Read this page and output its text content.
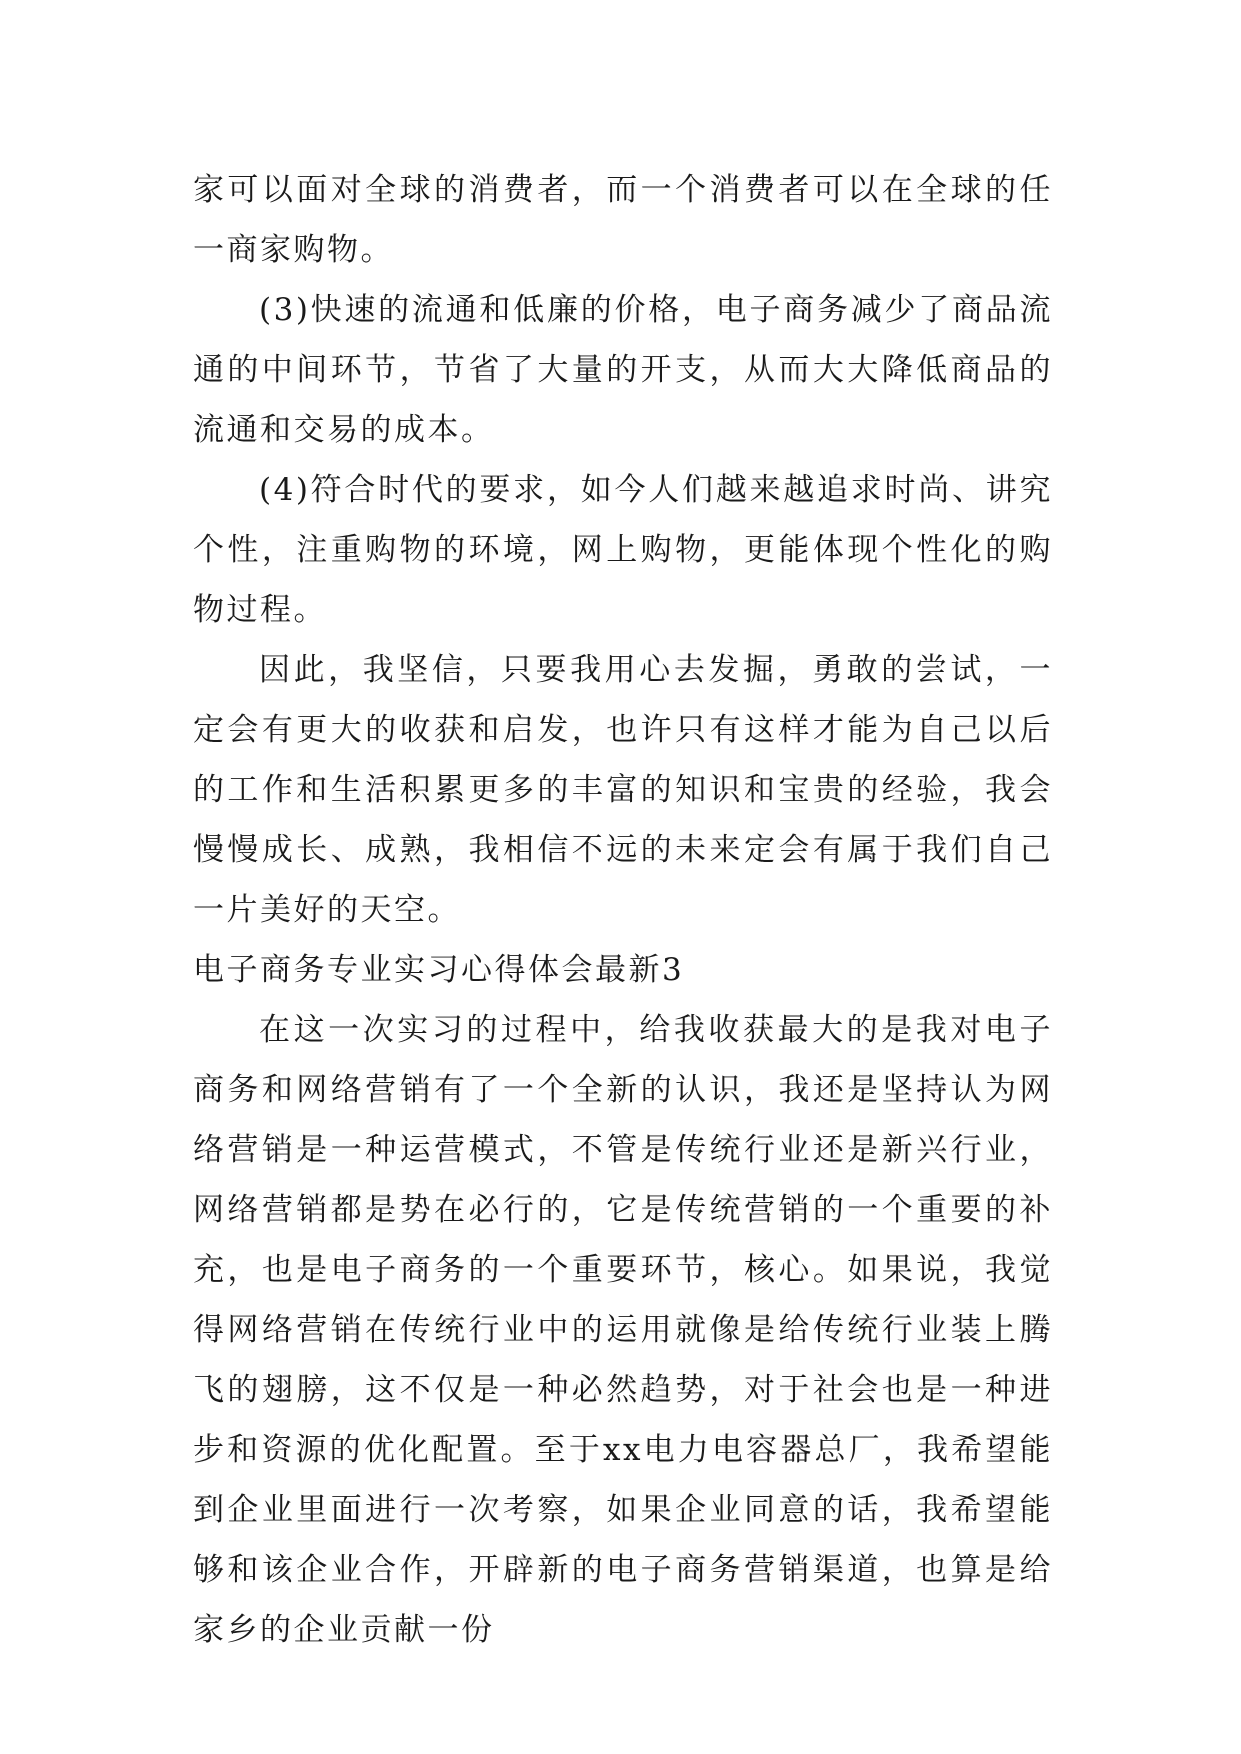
家可以面对全球的消费者，而一个消费者可以在全球的任一商家购物。

(3)快速的流通和低廉的价格，电子商务减少了商品流通的中间环节，节省了大量的开支，从而大大降低商品的流通和交易的成本。

(4)符合时代的要求，如今人们越来越追求时尚、讲究个性，注重购物的环境，网上购物，更能体现个性化的购物过程。

因此，我坚信，只要我用心去发掘，勇敢的尝试，一定会有更大的收获和启发，也许只有这样才能为自己以后的工作和生活积累更多的丰富的知识和宝贵的经验，我会慢慢成长、成熟，我相信不远的未来定会有属于我们自己一片美好的天空。

电子商务专业实习心得体会最新3

在这一次实习的过程中，给我收获最大的是我对电子商务和网络营销有了一个全新的认识，我还是坚持认为网络营销是一种运营模式，不管是传统行业还是新兴行业，网络营销都是势在必行的，它是传统营销的一个重要的补充，也是电子商务的一个重要环节，核心。如果说，我觉得网络营销在传统行业中的运用就像是给传统行业装上腾飞的翅膀，这不仅是一种必然趋势，对于社会也是一种进步和资源的优化配置。至于xx电力电容器总厂，我希望能到企业里面进行一次考察，如果企业同意的话，我希望能够和该企业合作，开辟新的电子商务营销渠道，也算是给家乡的企业贡献一份
